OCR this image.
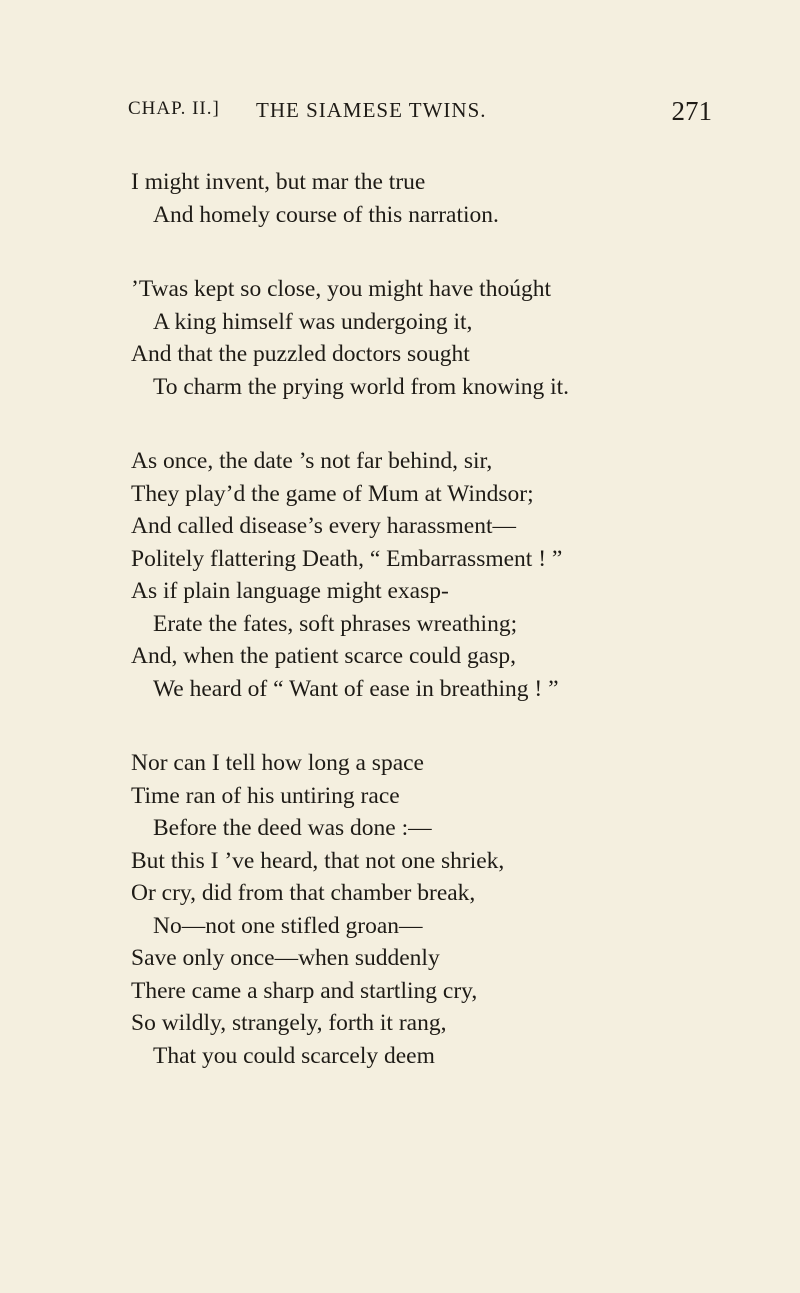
CHAP. II.] THE SIAMESE TWINS.	271
I might invent, but mar the true
And homely course of this narration.
’Twas kept so close, you might have thoúght
A king himself was undergoing it,
And that the puzzled doctors sought
To charm the prying world from knowing it.
As once, the date ’s not far behind, sir,
They play’d the game of Mum at Windsor;
And called disease’s every harassment—
Politely flattering Death, “ Embarrassment ! ”
As if plain language might exasp-
Erate the fates, soft phrases wreathing;
And, when the patient scarce could gasp,
We heard of “ Want of ease in breathing ! ”
Nor can I tell how long a space
Time ran of his untiring race
Before the deed was done :—
But this I ’ve heard, that not one shriek,
Or cry, did from that chamber break,
No—not one stifled groan—
Save only once—when suddenly
There came a sharp and startling cry,
So wildly, strangely, forth it rang,
That you could scarcely deem
